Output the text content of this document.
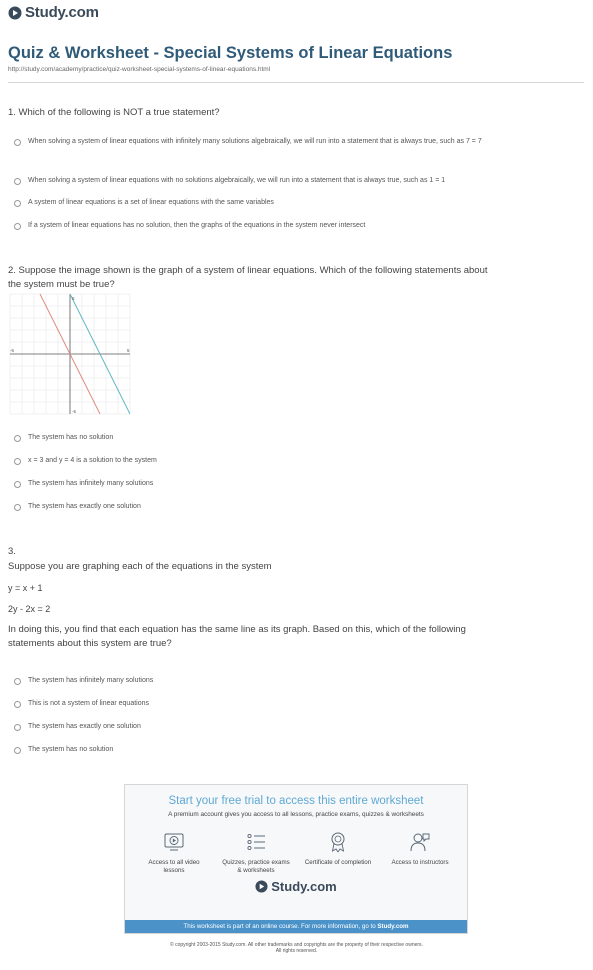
Study.com
Quiz & Worksheet - Special Systems of Linear Equations
http://study.com/academy/practice/quiz-worksheet-special-systems-of-linear-equations.html
1. Which of the following is NOT a true statement?
When solving a system of linear equations with infinitely many solutions algebraically, we will run into a statement that is always true, such as 7 = 7
When solving a system of linear equations with no solutions algebraically, we will run into a statement that is always true, such as 1 = 1
A system of linear equations is a set of linear equations with the same variables
If a system of linear equations has no solution, then the graphs of the equations in the system never intersect
2. Suppose the image shown is the graph of a system of linear equations. Which of the following statements about the system must be true?
5
-5
-5	5
The system has no solution
x = 3 and y = 4 is a solution to the system
The system has infinitely many solutions
The system has exactly one solution
3.
Suppose you are graphing each of the equations in the system
y = x + 1
2y - 2x = 2
In doing this, you find that each equation has the same line as its graph. Based on this, which of the following statements about this system are true?
The system has infinitely many solutions
This is not a system of linear equations
The system has exactly one solution
The system has no solution
Start your free trial to access this entire worksheet
A premium account gives you access to all lessons, practice exams, quizzes & worksheets
Access to all video lessons
Quizzes, practice exams & worksheets
Certificate of completion	Access to instructors
Study.com
This worksheet is part of an online course. For more information, go to Study.com
© copyright 2003-2015 Study.com. All other trademarks and copyrights are the property of their respective owners.
All rights reserved.
